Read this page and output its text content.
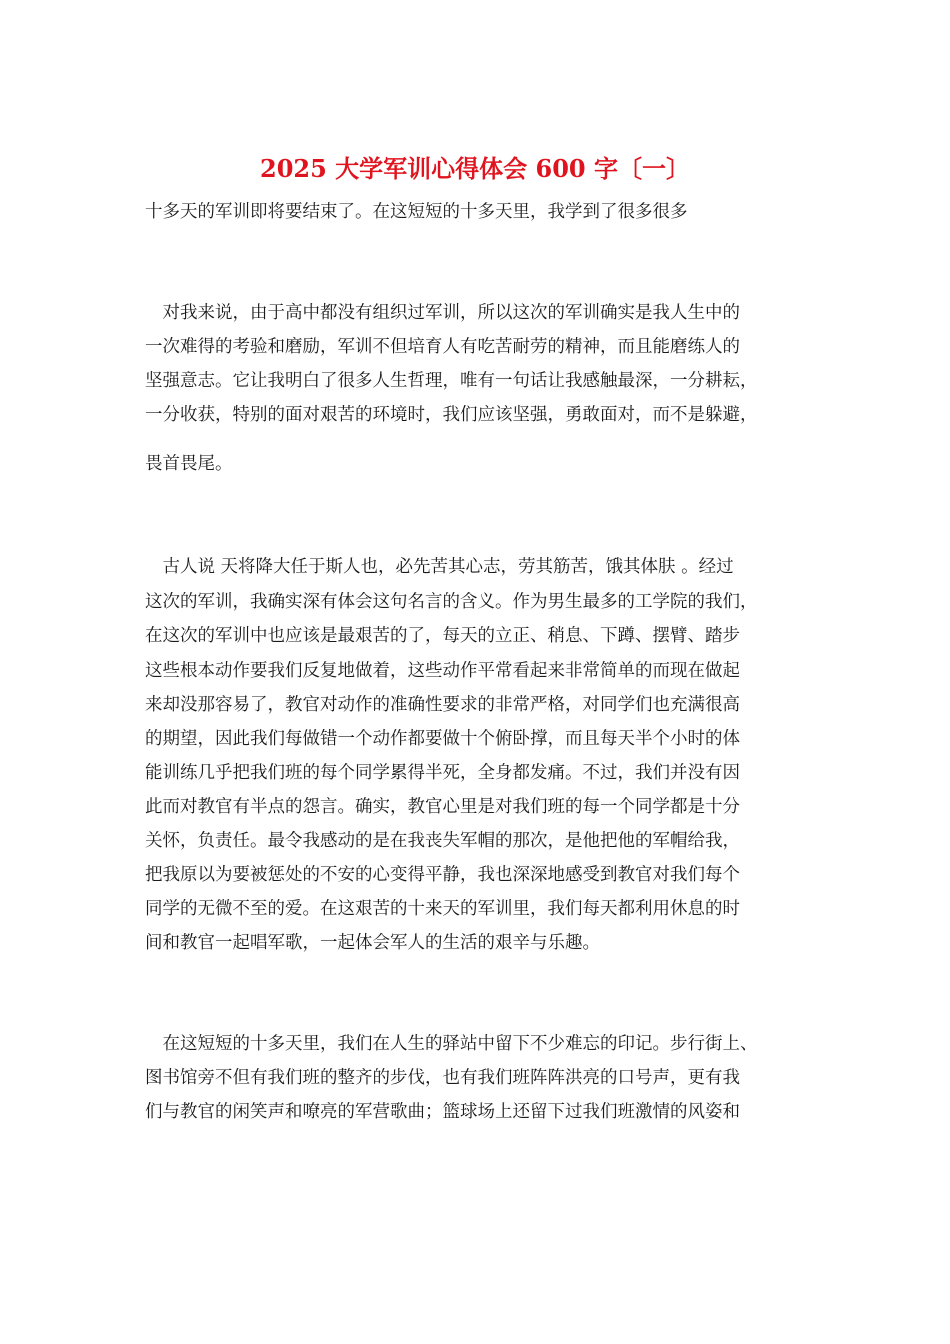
2025 大学军训心得体会 600 字〔一〕
十多天的军训即将要结束了。在这短短的十多天里，我学到了很多很多
　对我来说，由于高中都没有组织过军训，所以这次的军训确实是我人生中的
一次难得的考验和磨励，军训不但培育人有吃苦耐劳的精神，而且能磨练人的
坚强意志。它让我明白了很多人生哲理，唯有一句话让我感触最深，一分耕耘，
一分收获，特别的面对艰苦的环境时，我们应该坚强，勇敢面对，而不是躲避，
畏首畏尾。
　古人说 天将降大任于斯人也，必先苦其心志，劳其筋苦，饿其体肤 。经过
这次的军训，我确实深有体会这句名言的含义。作为男生最多的工学院的我们，
在这次的军训中也应该是最艰苦的了，每天的立正、稍息、下蹲、摆臂、踏步
这些根本动作要我们反复地做着，这些动作平常看起来非常简单的而现在做起
来却没那容易了，教官对动作的准确性要求的非常严格，对同学们也充满很高
的期望，因此我们每做错一个动作都要做十个俯卧撑，而且每天半个小时的体
能训练几乎把我们班的每个同学累得半死，全身都发痛。不过，我们并没有因
此而对教官有半点的怨言。确实，教官心里是对我们班的每一个同学都是十分
关怀，负责任。最令我感动的是在我丧失军帽的那次，是他把他的军帽给我，
把我原以为要被惩处的不安的心变得平静，我也深深地感受到教官对我们每个
同学的无微不至的爱。在这艰苦的十来天的军训里，我们每天都利用休息的时
间和教官一起唱军歌，一起体会军人的生活的艰辛与乐趣。
　在这短短的十多天里，我们在人生的驿站中留下不少难忘的印记。步行街上、
图书馆旁不但有我们班的整齐的步伐，也有我们班阵阵洪亮的口号声，更有我
们与教官的闲笑声和嘹亮的军营歌曲；篮球场上还留下过我们班激情的风姿和
